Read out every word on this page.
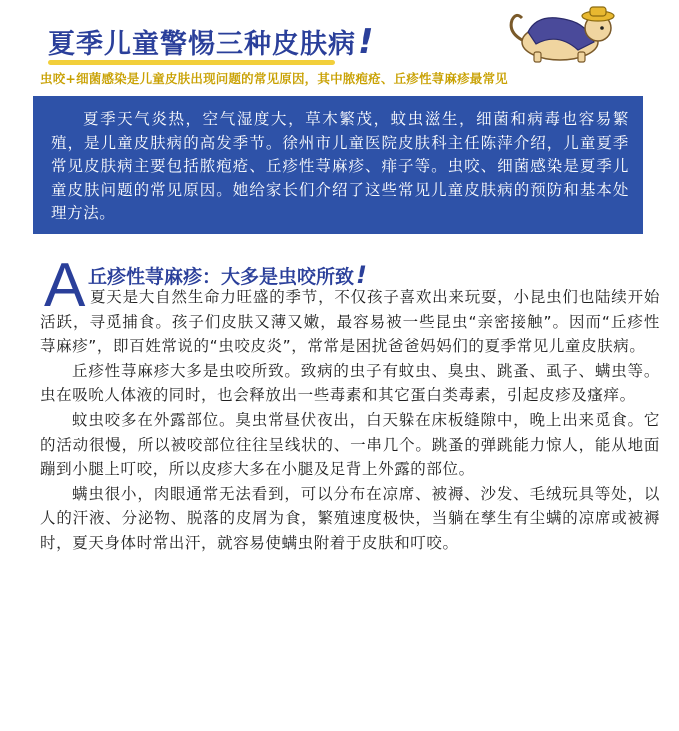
夏季儿童警惕三种皮肤病!
虫咬+细菌感染是儿童皮肤出现问题的常见原因，其中脓疱疮、丘疹性荨麻疹最常见
夏季天气炎热，空气湿度大，草木繁茂，蚊虫滋生，细菌和病毒也容易繁殖，是儿童皮肤病的高发季节。徐州市儿童医院皮肤科主任陈萍介绍，儿童夏季常见皮肤病主要包括脓疱疮、丘疹性荨麻疹、痱子等。虫咬、细菌感染是夏季儿童皮肤问题的常见原因。她给家长们介绍了这些常见儿童皮肤病的预防和基本处理方法。
A 丘疹性荨麻疹：大多是虫咬所致!

夏天是大自然生命力旺盛的季节，不仅孩子喜欢出来玩耍，小昆虫们也陆续开始活跃，寻觅捕食。孩子们皮肤又薄又嫩，最容易被一些昆虫“亲密接触”。因而“丘疹性荨麻疹”，即百姓常说的“虫咬皮炎”，常常是困扰爸爸妈妈们的夏季常见儿童皮肤病。

丘疹性荨麻疹大多是虫咬所致。致病的虫子有蚊虫、臭虫、跳蚤、虱子、螨虫等。虫在吸吮人体液的同时，也会释放出一些毒素和其它蛋白类毒素，引起皮疹及瘙痒。

蚊虫咬多在外露部位。臭虫常昼伏夜出，白天躲在床板缝隙中，晚上出来觅食。它的活动很慢，所以被咬部位往往呈线状的、一串几个。跳蚤的弹跳能力惊人，能从地面蹦到小腿上叮咬，所以皮疹大多在小腿及足背上外露的部位。

螨虫很小，肉眼通常无法看到，可以分布在凉席、被褥、沙发、毛绒玩具等处，以人的汗液、分泌物、脱落的皮屑为食，繁殖速度极快，当躺在孳生有尘螨的凉席或被褥时，夏天身体时常出汗，就容易使螨虫附着于皮肤和叮咬。
